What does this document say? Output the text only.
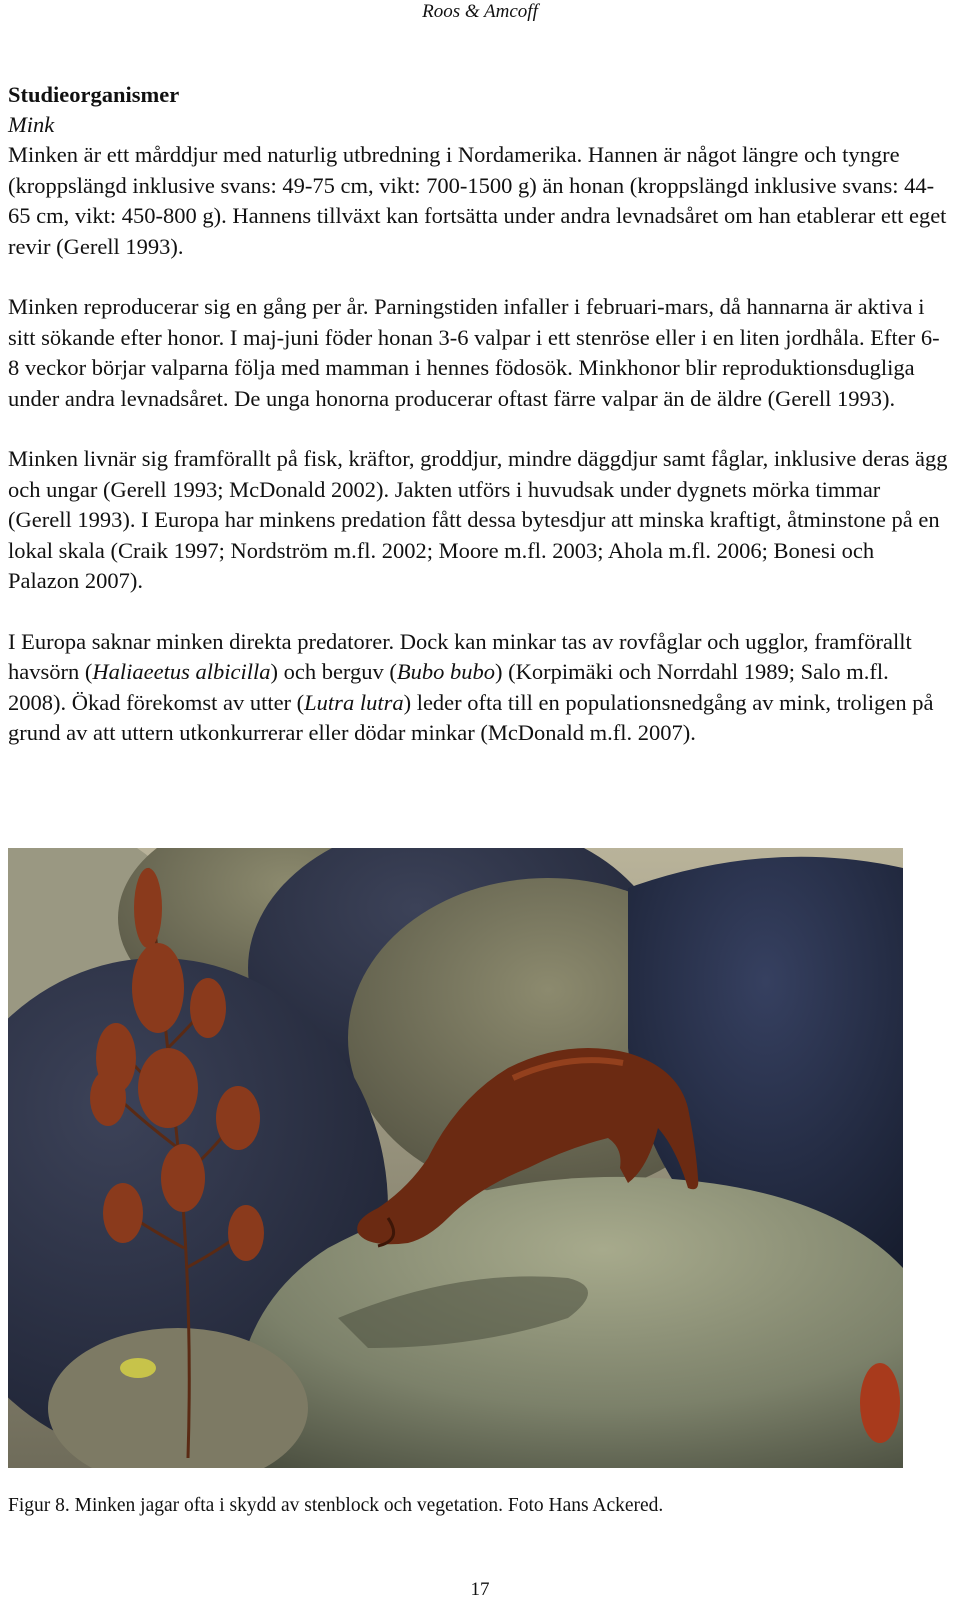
Roos & Amcoff
Studieorganismer
Mink

Minken är ett mårddjur med naturlig utbredning i Nordamerika. Hannen är något längre och tyngre (kroppslängd inklusive svans: 49-75 cm, vikt: 700-1500 g) än honan (kroppslängd inklusive svans: 44-65 cm, vikt: 450-800 g). Hannens tillväxt kan fortsätta under andra levnadsåret om han etablerar ett eget revir (Gerell 1993).

Minken reproducerar sig en gång per år. Parningstiden infaller i februari-mars, då hannarna är aktiva i sitt sökande efter honor. I maj-juni föder honan 3-6 valpar i ett stenröse eller i en liten jordhåla. Efter 6-8 veckor börjar valparna följa med mamman i hennes födosök. Minkhonor blir reproduktionsdugliga under andra levnadsåret. De unga honorna producerar oftast färre valpar än de äldre (Gerell 1993).

Minken livnär sig framförallt på fisk, kräftor, groddjur, mindre däggdjur samt fåglar, inklusive deras ägg och ungar (Gerell 1993; McDonald 2002). Jakten utförs i huvudsak under dygnets mörka timmar (Gerell 1993). I Europa har minkens predation fått dessa bytesdjur att minska kraftigt, åtminstone på en lokal skala (Craik 1997; Nordström m.fl. 2002; Moore m.fl. 2003; Ahola m.fl. 2006; Bonesi och Palazon 2007).

I Europa saknar minken direkta predatorer. Dock kan minkar tas av rovfåglar och ugglor, framförallt havsörn (Haliaeetus albicilla) och berguv (Bubo bubo) (Korpimäki och Norrdahl 1989; Salo m.fl. 2008). Ökad förekomst av utter (Lutra lutra) leder ofta till en populationsnedgång av mink, troligen på grund av att uttern utkonkurrerar eller dödar minkar (McDonald m.fl. 2007).

Figur 8. Minken jagar ofta i skydd av stenblock och vegetation. Foto Hans Ackered.
17
